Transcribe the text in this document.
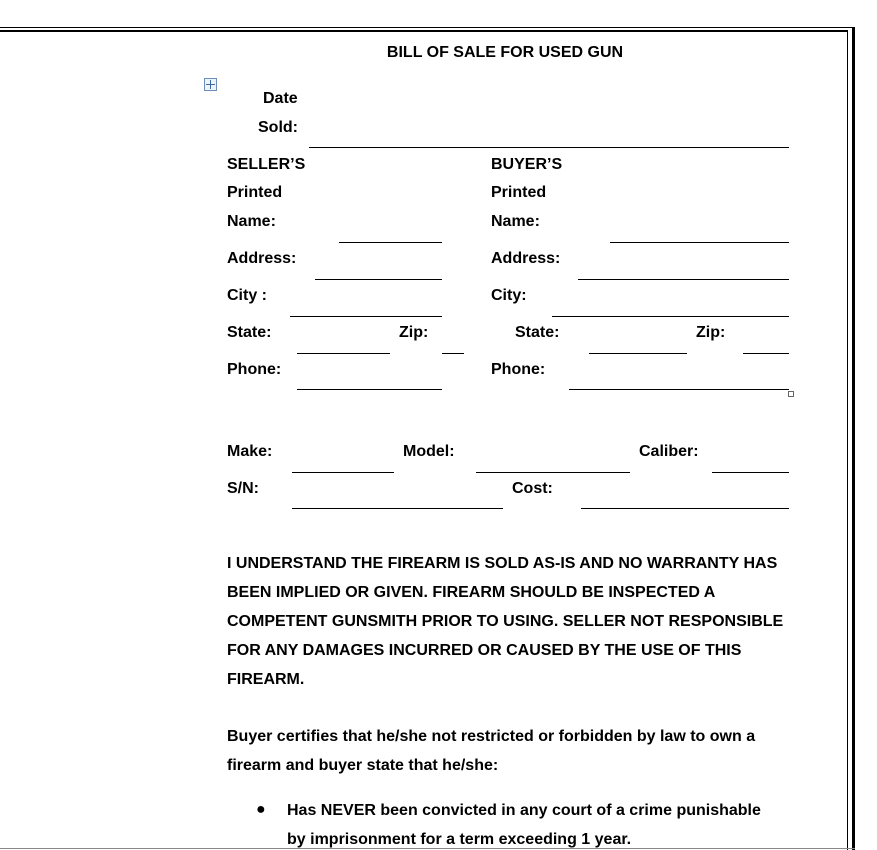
BILL OF SALE FOR USED GUN
Date
Sold:
SELLER’S
Printed
Name:
Address:
City :
State:	Zip:
Phone:
BUYER’S
Printed
Name:
Address:
City:
State:	Zip:
Phone:
Make:	Model:	Caliber:
S/N:	Cost:
I UNDERSTAND THE FIREARM IS SOLD AS-IS AND NO WARRANTY HAS BEEN IMPLIED OR GIVEN. FIREARM SHOULD BE INSPECTED A COMPETENT GUNSMITH PRIOR TO USING. SELLER NOT RESPONSIBLE FOR ANY DAMAGES INCURRED OR CAUSED BY THE USE OF THIS FIREARM.
Buyer certifies that he/she not restricted or forbidden by law to own a firearm and buyer state that he/she:
● Has NEVER been convicted in any court of a crime punishable by imprisonment for a term exceeding 1 year.
